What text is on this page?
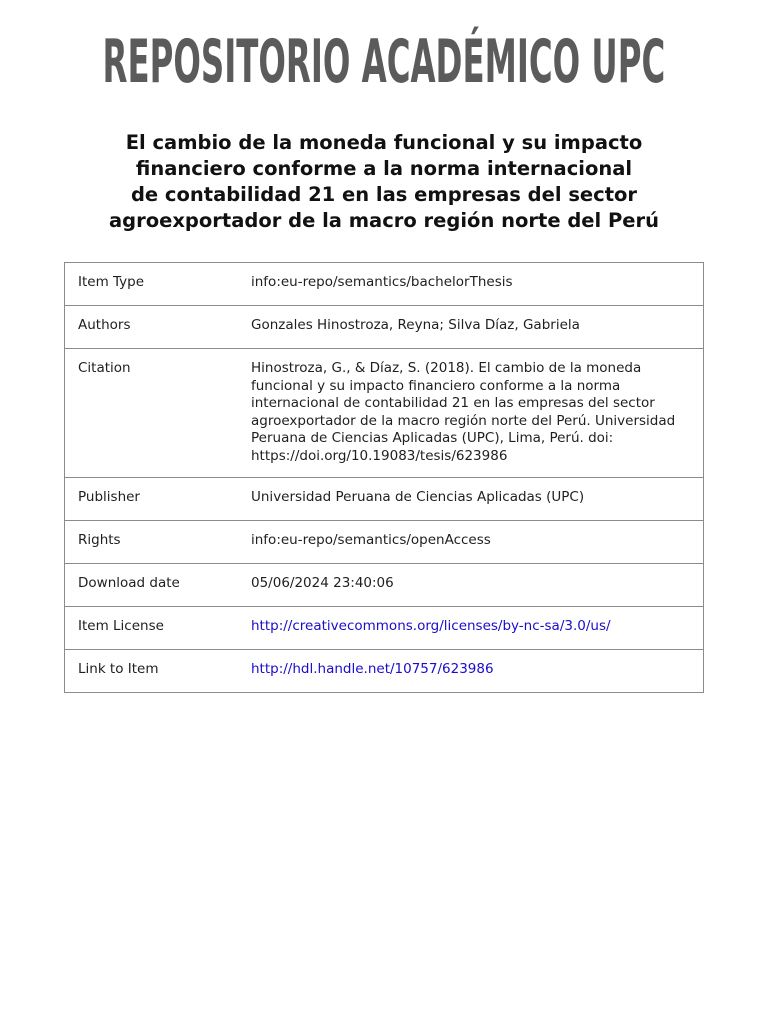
REPOSITORIO ACADÉMICO UPC
El cambio de la moneda funcional y su impacto
financiero conforme a la norma internacional
de contabilidad 21 en las empresas del sector
agroexportador de la macro región norte del Perú
Item Type	info:eu-repo/semantics/bachelorThesis
Authors	Gonzales Hinostroza, Reyna; Silva Díaz, Gabriela
Citation	Hinostroza, G., & Díaz, S. (2018). El cambio de la moneda funcional y su impacto financiero conforme a la norma internacional de contabilidad 21 en las empresas del sector agroexportador de la macro región norte del Perú. Universidad Peruana de Ciencias Aplicadas (UPC), Lima, Perú. doi: https://doi.org/10.19083/tesis/623986
Publisher	Universidad Peruana de Ciencias Aplicadas (UPC)
Rights	info:eu-repo/semantics/openAccess
Download date	05/06/2024 23:40:06
Item License	http://creativecommons.org/licenses/by-nc-sa/3.0/us/
Link to Item	http://hdl.handle.net/10757/623986
